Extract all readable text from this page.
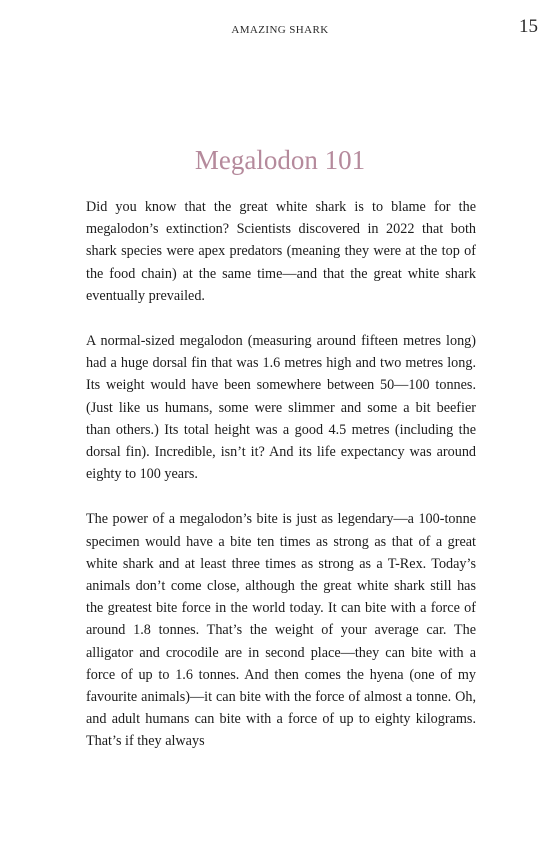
AMAZING SHARK	15
Megalodon 101

Did you know that the great white shark is to blame for the megalodon’s extinction? Scientists discovered in 2022 that both shark species were apex predators (meaning they were at the top of the food chain) at the same time—and that the great white shark eventually prevailed.

A normal-sized megalodon (measuring around fifteen metres long) had a huge dorsal fin that was 1.6 metres high and two metres long. Its weight would have been somewhere between 50—100 tonnes. (Just like us humans, some were slimmer and some a bit beefier than others.) Its total height was a good 4.5 metres (including the dorsal fin). Incredible, isn’t it? And its life expectancy was around eighty to 100 years.

The power of a megalodon’s bite is just as legendary—a 100-tonne specimen would have a bite ten times as strong as that of a great white shark and at least three times as strong as a T-Rex. Today’s animals don’t come close, although the great white shark still has the greatest bite force in the world today. It can bite with a force of around 1.8 tonnes. That’s the weight of your average car. The alligator and crocodile are in second place—they can bite with a force of up to 1.6 tonnes. And then comes the hyena (one of my favourite animals)—it can bite with the force of almost a tonne. Oh, and adult humans can bite with a force of up to eighty kilograms. That’s if they always
